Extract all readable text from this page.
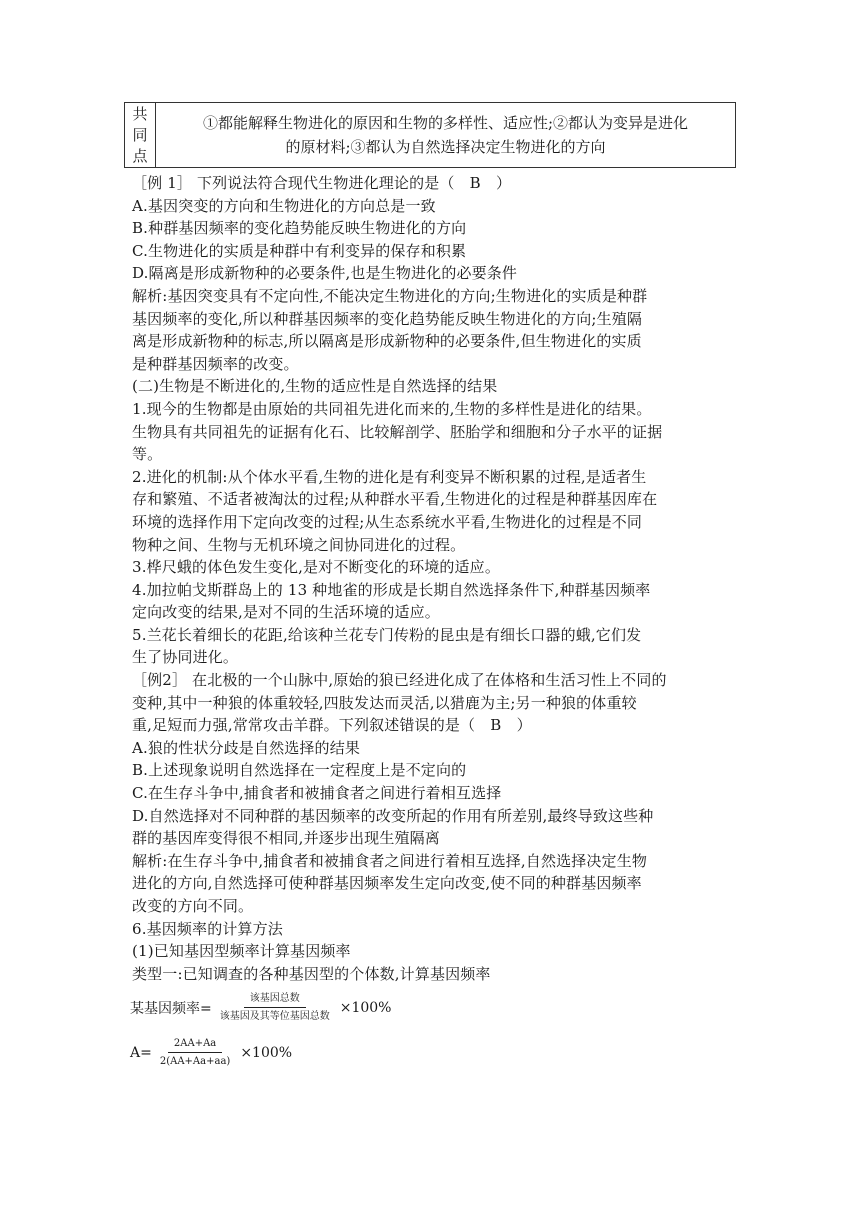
共
同
点
①都能解释生物进化的原因和生物的多样性、适应性;②都认为变异是进化
的原材料;③都认为自然选择决定生物进化的方向

［例 1］ 下列说法符合现代生物进化理论的是（　B　）

A.基因突变的方向和生物进化的方向总是一致

B.种群基因频率的变化趋势能反映生物进化的方向

C.生物进化的实质是种群中有利变异的保存和积累

D.隔离是形成新物种的必要条件,也是生物进化的必要条件

解析:基因突变具有不定向性,不能决定生物进化的方向;生物进化的实质是种群

基因频率的变化,所以种群基因频率的变化趋势能反映生物进化的方向;生殖隔

离是形成新物种的标志,所以隔离是形成新物种的必要条件,但生物进化的实质

是种群基因频率的改变。

(二)生物是不断进化的,生物的适应性是自然选择的结果

1.现今的生物都是由原始的共同祖先进化而来的,生物的多样性是进化的结果。

生物具有共同祖先的证据有化石、比较解剖学、胚胎学和细胞和分子水平的证据

等。

2.进化的机制:从个体水平看,生物的进化是有利变异不断积累的过程,是适者生

存和繁殖、不适者被淘汰的过程;从种群水平看,生物进化的过程是种群基因库在

环境的选择作用下定向改变的过程;从生态系统水平看,生物进化的过程是不同

物种之间、生物与无机环境之间协同进化的过程。

3.桦尺蛾的体色发生变化,是对不断变化的环境的适应。

4.加拉帕戈斯群岛上的 13 种地雀的形成是长期自然选择条件下,种群基因频率

定向改变的结果,是对不同的生活环境的适应。

5.兰花长着细长的花距,给该种兰花专门传粉的昆虫是有细长口器的蛾,它们发

生了协同进化。

［例2］ 在北极的一个山脉中,原始的狼已经进化成了在体格和生活习性上不同的

变种,其中一种狼的体重较轻,四肢发达而灵活,以猎鹿为主;另一种狼的体重较

重,足短而力强,常常攻击羊群。下列叙述错误的是（　B　）

A.狼的性状分歧是自然选择的结果

B.上述现象说明自然选择在一定程度上是不定向的

C.在生存斗争中,捕食者和被捕食者之间进行着相互选择

D.自然选择对不同种群的基因频率的改变所起的作用有所差别,最终导致这些种

群的基因库变得很不相同,并逐步出现生殖隔离

解析:在生存斗争中,捕食者和被捕食者之间进行着相互选择,自然选择决定生物

进化的方向,自然选择可使种群基因频率发生定向改变,使不同的种群基因频率

改变的方向不同。

6.基因频率的计算方法

(1)已知基因型频率计算基因频率

类型一:已知调查的各种基因型的个体数,计算基因频率

某基因频率= $\frac{\text{该基因总数}}{\text{该基因及其等位基因总数}} \times 100\%$
$A= \frac{2AA+Aa}{2(AA+Aa+aa)} \times 100\%$
